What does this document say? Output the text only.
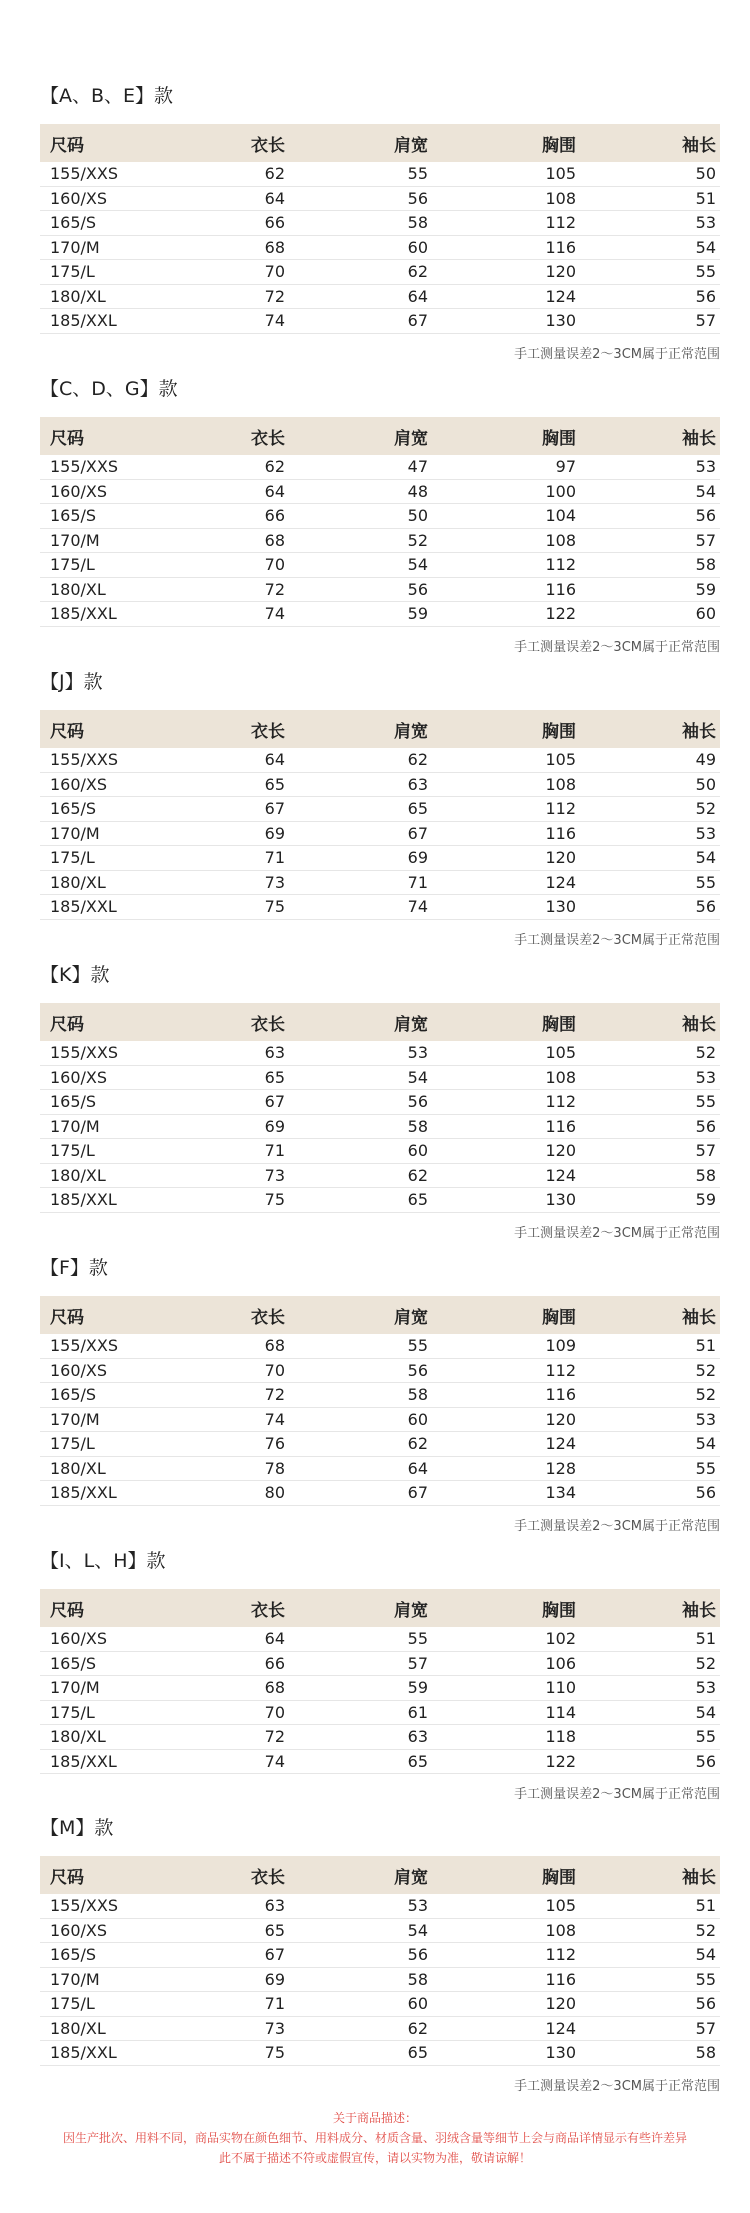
【A、B、E】款
尺码	衣长	肩宽	胸围	袖长
155/XXS	62	55	105	50
160/XS	64	56	108	51
165/S	66	58	112	53
170/M	68	60	116	54
175/L	70	62	120	55
180/XL	72	64	124	56
185/XXL	74	67	130	57
手工测量误差2～3CM属于正常范围
【C、D、G】款
尺码	衣长	肩宽	胸围	袖长
155/XXS	62	47	97	53
160/XS	64	48	100	54
165/S	66	50	104	56
170/M	68	52	108	57
175/L	70	54	112	58
180/XL	72	56	116	59
185/XXL	74	59	122	60
手工测量误差2～3CM属于正常范围
【J】款
尺码	衣长	肩宽	胸围	袖长
155/XXS	64	62	105	49
160/XS	65	63	108	50
165/S	67	65	112	52
170/M	69	67	116	53
175/L	71	69	120	54
180/XL	73	71	124	55
185/XXL	75	74	130	56
手工测量误差2～3CM属于正常范围
【K】款
尺码	衣长	肩宽	胸围	袖长
155/XXS	63	53	105	52
160/XS	65	54	108	53
165/S	67	56	112	55
170/M	69	58	116	56
175/L	71	60	120	57
180/XL	73	62	124	58
185/XXL	75	65	130	59
手工测量误差2～3CM属于正常范围
【F】款
尺码	衣长	肩宽	胸围	袖长
155/XXS	68	55	109	51
160/XS	70	56	112	52
165/S	72	58	116	52
170/M	74	60	120	53
175/L	76	62	124	54
180/XL	78	64	128	55
185/XXL	80	67	134	56
手工测量误差2～3CM属于正常范围
【I、L、H】款
尺码	衣长	肩宽	胸围	袖长
160/XS	64	55	102	51
165/S	66	57	106	52
170/M	68	59	110	53
175/L	70	61	114	54
180/XL	72	63	118	55
185/XXL	74	65	122	56
手工测量误差2～3CM属于正常范围
【M】款
尺码	衣长	肩宽	胸围	袖长
155/XXS	63	53	105	51
160/XS	65	54	108	52
165/S	67	56	112	54
170/M	69	58	116	55
175/L	71	60	120	56
180/XL	73	62	124	57
185/XXL	75	65	130	58
手工测量误差2～3CM属于正常范围
关于商品描述：
因生产批次、用料不同，商品实物在颜色细节、用料成分、材质含量、羽绒含量等细节上会与商品详情显示有些许差异
此不属于描述不符或虚假宣传，请以实物为准，敬请谅解！
